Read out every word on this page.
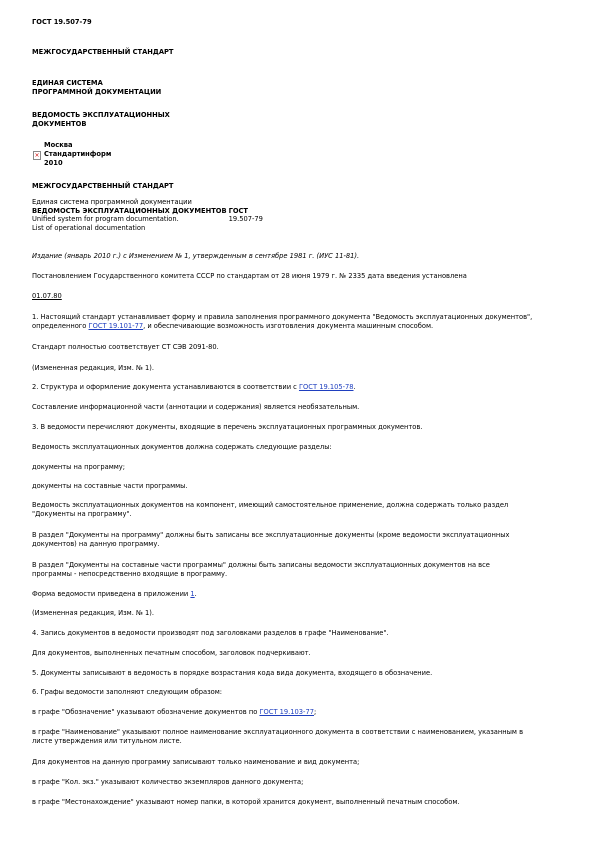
ГОСТ 19.507-79
МЕЖГОСУДАРСТВЕННЫЙ СТАНДАРТ
ЕДИНАЯ СИСТЕМА
ПРОГРАММНОЙ ДОКУМЕНТАЦИИ
ВЕДОМОСТЬ ЭКСПЛУАТАЦИОННЫХ
ДОКУМЕНТОВ
×
Москва
Стандартинформ
2010
МЕЖГОСУДАРСТВЕННЫЙ СТАНДАРТ
Единая система программной документации	
ВЕДОМОСТЬ ЭКСПЛУАТАЦИОННЫХ ДОКУМЕНТОВ	ГОСТ
Unified system for program documentation.	19.507-79
List of operational documentation	
Издание (январь 2010 г.) с Изменением № 1, утвержденным в сентябре 1981 г. (ИУС 11-81).
Постановлением Государственного комитета СССР по стандартам от 28 июня 1979 г. № 2335 дата введения установлена
01.07.80
1. Настоящий стандарт устанавливает форму и правила заполнения программного документа "Ведомость эксплуатационных документов",
определенного ГОСТ 19.101-77, и обеспечивающие возможность изготовления документа машинным способом.
Стандарт полностью соответствует СТ СЭВ 2091-80.
(Измененная редакция, Изм. № 1).
2. Структура и оформление документа устанавливаются в соответствии с ГОСТ 19.105-78.
Составление информационной части (аннотации и содержания) является необязательным.
3. В ведомости перечисляют документы, входящие в перечень эксплуатационных программных документов.
Ведомость эксплуатационных документов должна содержать следующие разделы:
документы на программу;
документы на составные части программы.
Ведомость эксплуатационных документов на компонент, имеющий самостоятельное применение, должна содержать только раздел
"Документы на программу".
В раздел "Документы на программу" должны быть записаны все эксплуатационные документы (кроме ведомости эксплуатационных
документов) на данную программу.
В раздел "Документы на составные части программы" должны быть записаны ведомости эксплуатационных документов на все
программы - непосредственно входящие в программу.
Форма ведомости приведена в приложении 1.
(Измененная редакция, Изм. № 1).
4. Запись документов в ведомости производят под заголовками разделов в графе "Наименование".
Для документов, выполненных печатным способом, заголовок подчеркивают.
5. Документы записывают в ведомость в порядке возрастания кода вида документа, входящего в обозначение.
6. Графы ведомости заполняют следующим образом:
в графе "Обозначение" указывают обозначение документов по ГОСТ 19.103-77;
в графе "Наименование" указывают полное наименование эксплуатационного документа в соответствии с наименованием, указанным в
листе утверждения или титульном листе.
Для документов на данную программу записывают только наименование и вид документа;
в графе "Кол. экз." указывают количество экземпляров данного документа;
в графе "Местонахождение" указывают номер папки, в которой хранится документ, выполненный печатным способом.
